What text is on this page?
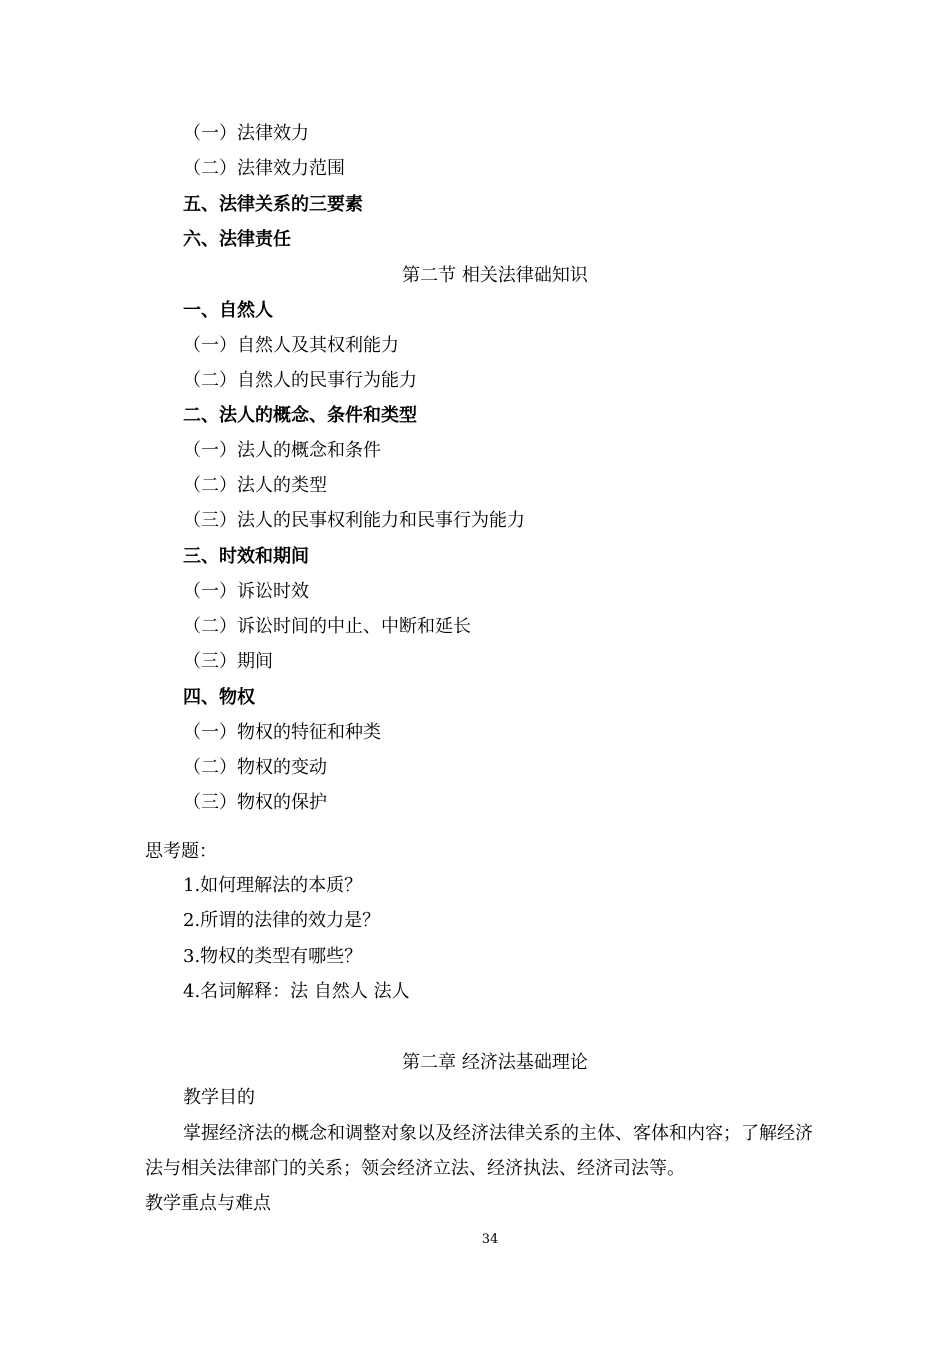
（一）法律效力
（二）法律效力范围
五、法律关系的三要素
六、法律责任
第二节 相关法律础知识
一、自然人
（一）自然人及其权利能力
（二）自然人的民事行为能力
二、法人的概念、条件和类型
（一）法人的概念和条件
（二）法人的类型
（三）法人的民事权利能力和民事行为能力
三、时效和期间
（一）诉讼时效
（二）诉讼时间的中止、中断和延长
（三）期间
四、物权
（一）物权的特征和种类
（二）物权的变动
（三）物权的保护
思考题：
1.如何理解法的本质？
2.所谓的法律的效力是？
3.物权的类型有哪些？
4.名词解释：法 自然人 法人
第二章 经济法基础理论
教学目的
掌握经济法的概念和调整对象以及经济法律关系的主体、客体和内容；了解经济法与相关法律部门的关系；领会经济立法、经济执法、经济司法等。
教学重点与难点
34
